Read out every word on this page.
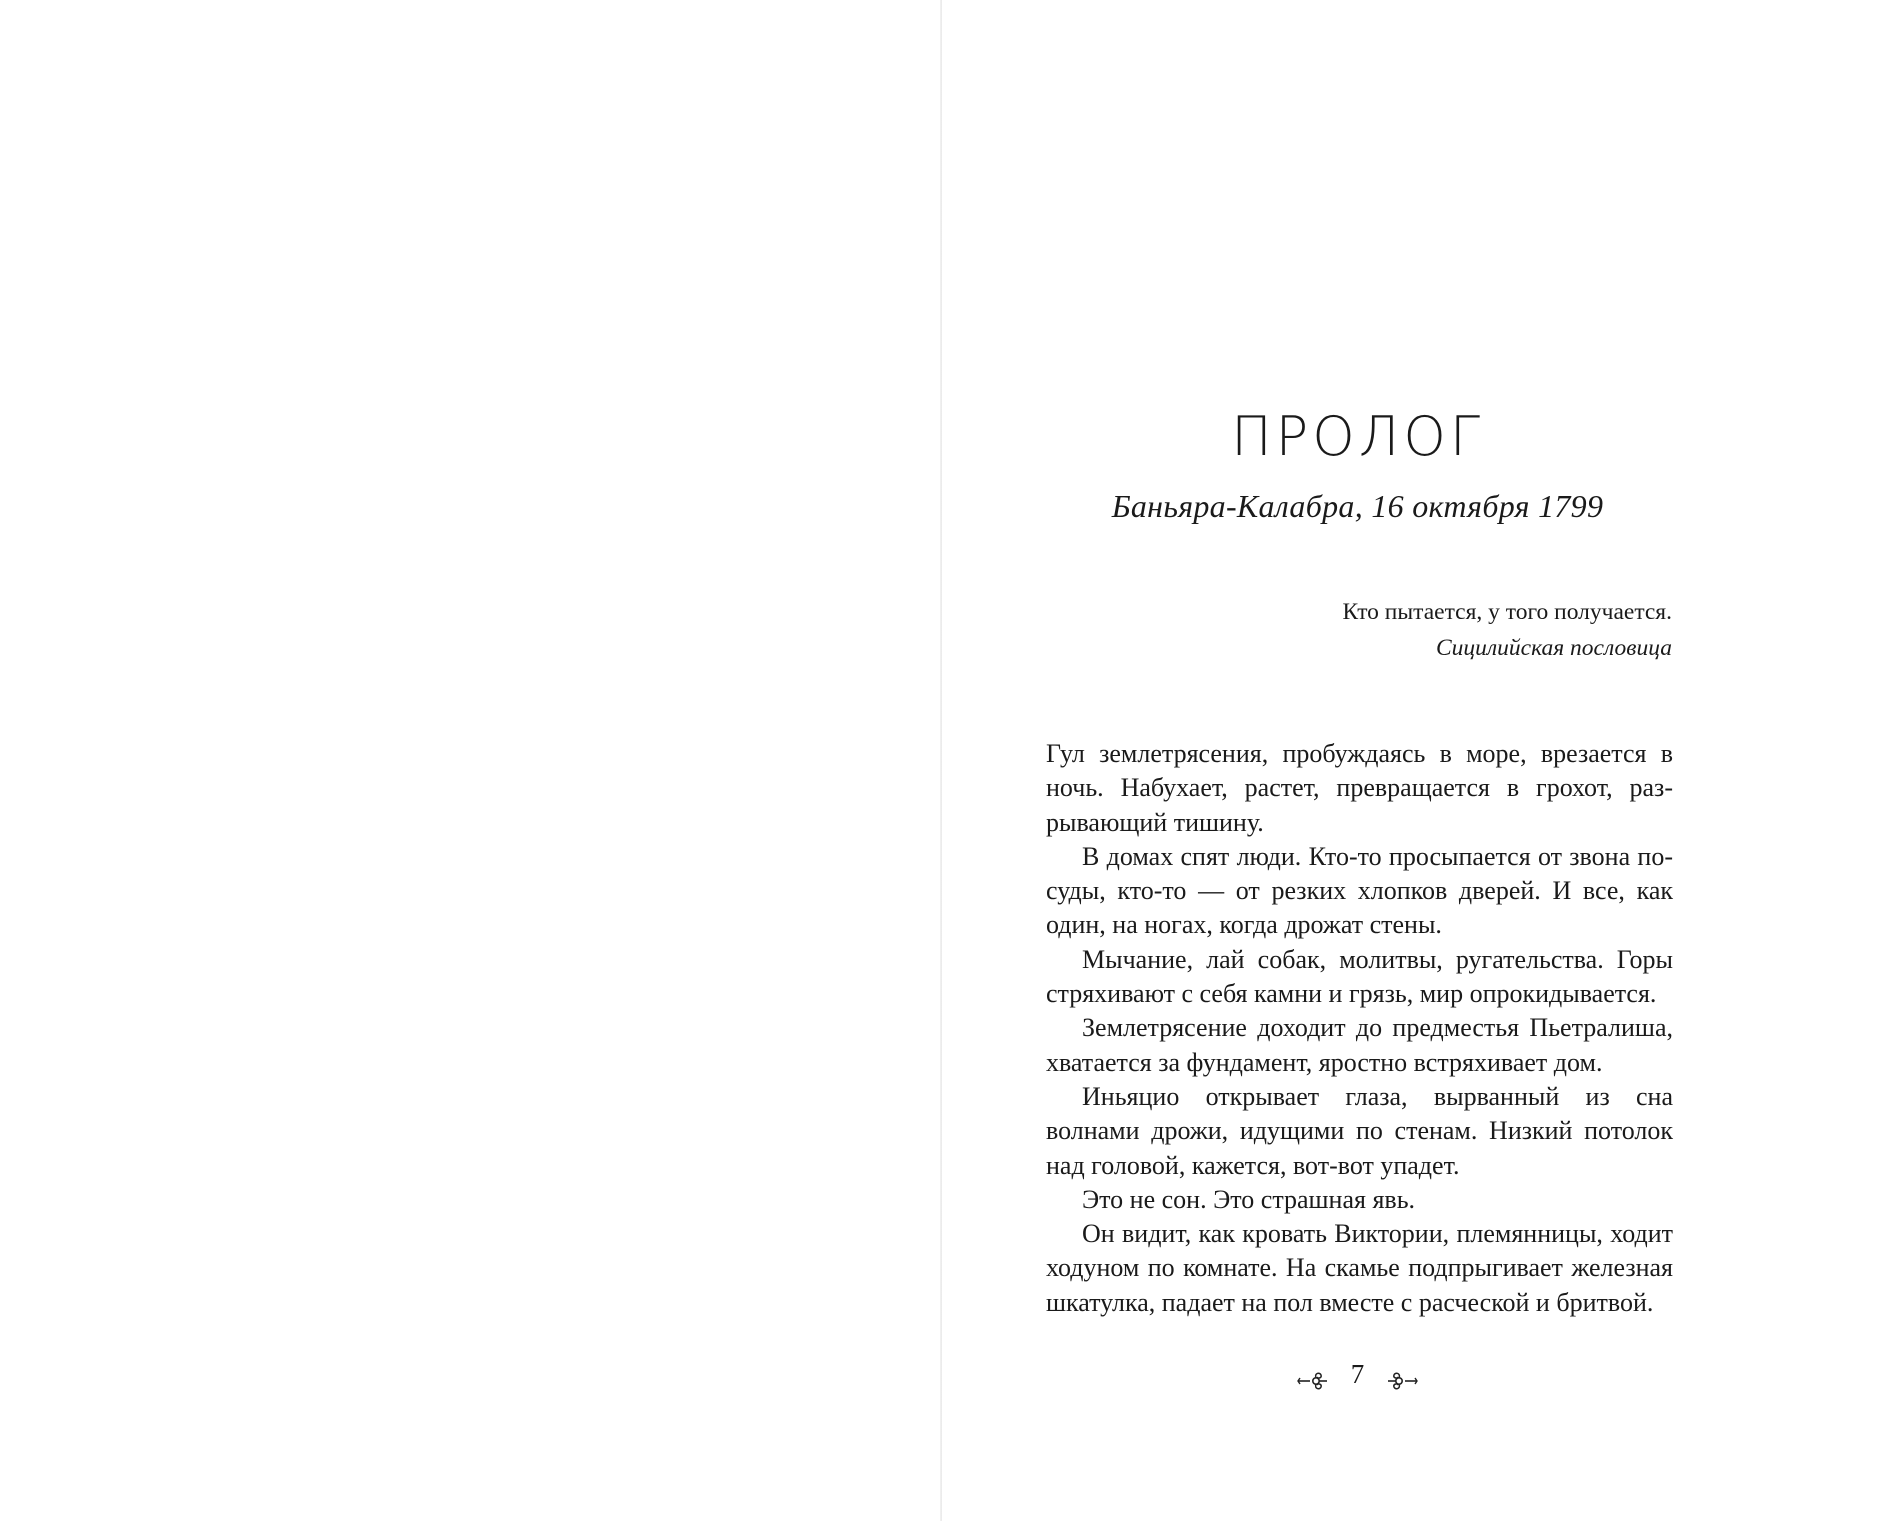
ПРОЛОГ
Баньяра-Калабра, 16 октября 1799
Кто пытается, у того получается.
Сицилийская пословица

Гул землетрясения, пробуждаясь в море, врезается в ночь. Набухает, растет, превращается в грохот, разрывающий тишину.

В домах спят люди. Кто-то просыпается от звона посуды, кто-то — от резких хлопков дверей. И все, как один, на ногах, когда дрожат стены.

Мычание, лай собак, молитвы, ругательства. Горы стряхивают с себя камни и грязь, мир опрокидывается.

Землетрясение доходит до предместья Пьетралиша, хватается за фундамент, яростно встряхивает дом.

Иньяцио открывает глаза, вырванный из сна волнами дрожи, идущими по стенам. Низкий потолок над головой, кажется, вот-вот упадет.

Это не сон. Это страшная явь.

Он видит, как кровать Виктории, племянницы, ходит ходуном по комнате. На скамье подпрыгивает железная шкатулка, падает на пол вместе с расческой и бритвой.

7
